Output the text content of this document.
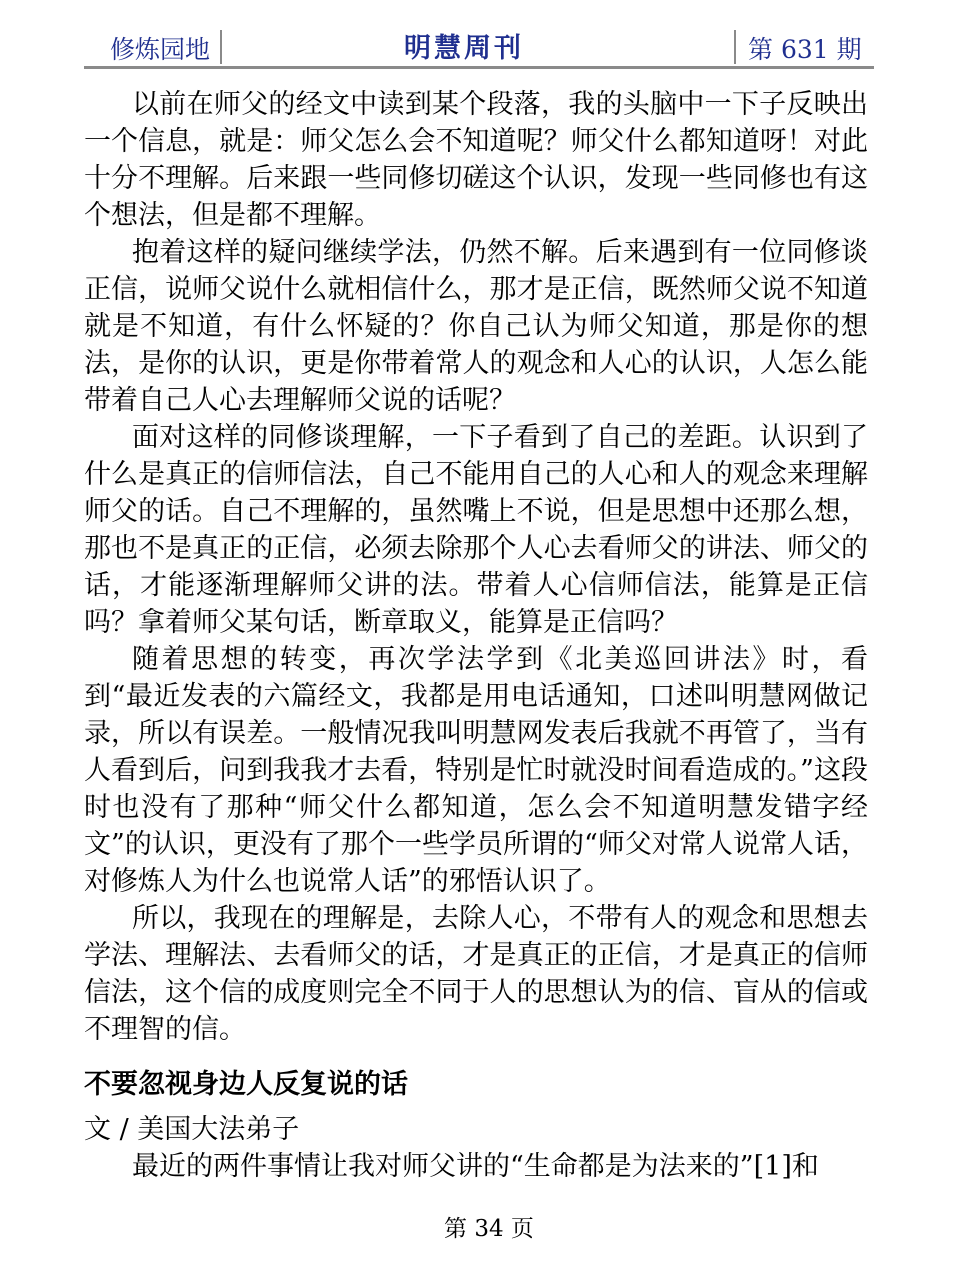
修炼园地	明慧周刊	第 631 期

以前在师父的经文中读到某个段落，我的头脑中一下子反映出一个信息，就是：师父怎么会不知道呢？师父什么都知道呀！对此十分不理解。后来跟一些同修切磋这个认识，发现一些同修也有这个想法，但是都不理解。

抱着这样的疑问继续学法，仍然不解。后来遇到有一位同修谈正信，说师父说什么就相信什么，那才是正信，既然师父说不知道就是不知道，有什么怀疑的？你自己认为师父知道，那是你的想法，是你的认识，更是你带着常人的观念和人心的认识，人怎么能带着自己人心去理解师父说的话呢？

面对这样的同修谈理解，一下子看到了自己的差距。认识到了什么是真正的信师信法，自己不能用自己的人心和人的观念来理解师父的话。自己不理解的，虽然嘴上不说，但是思想中还那么想，那也不是真正的正信，必须去除那个人心去看师父的讲法、师父的话，才能逐渐理解师父讲的法。带着人心信师信法，能算是正信吗？拿着师父某句话，断章取义，能算是正信吗？

随着思想的转变，再次学法学到《北美巡回讲法》时，看到“最近发表的六篇经文，我都是用电话通知，口述叫明慧网做记录，所以有误差。一般情况我叫明慧网发表后我就不再管了，当有人看到后，问到我我才去看，特别是忙时就没时间看造成的。”这段时也没有了那种“师父什么都知道，怎么会不知道明慧发错字经文”的认识，更没有了那个一些学员所谓的“师父对常人说常人话，对修炼人为什么也说常人话”的邪悟认识了。

所以，我现在的理解是，去除人心，不带有人的观念和思想去学法、理解法、去看师父的话，才是真正的正信，才是真正的信师信法，这个信的成度则完全不同于人的思想认为的信、盲从的信或不理智的信。

不要忽视身边人反复说的话

文 / 美国大法弟子

最近的两件事情让我对师父讲的“生命都是为法来的”[1]和

第 34 页
